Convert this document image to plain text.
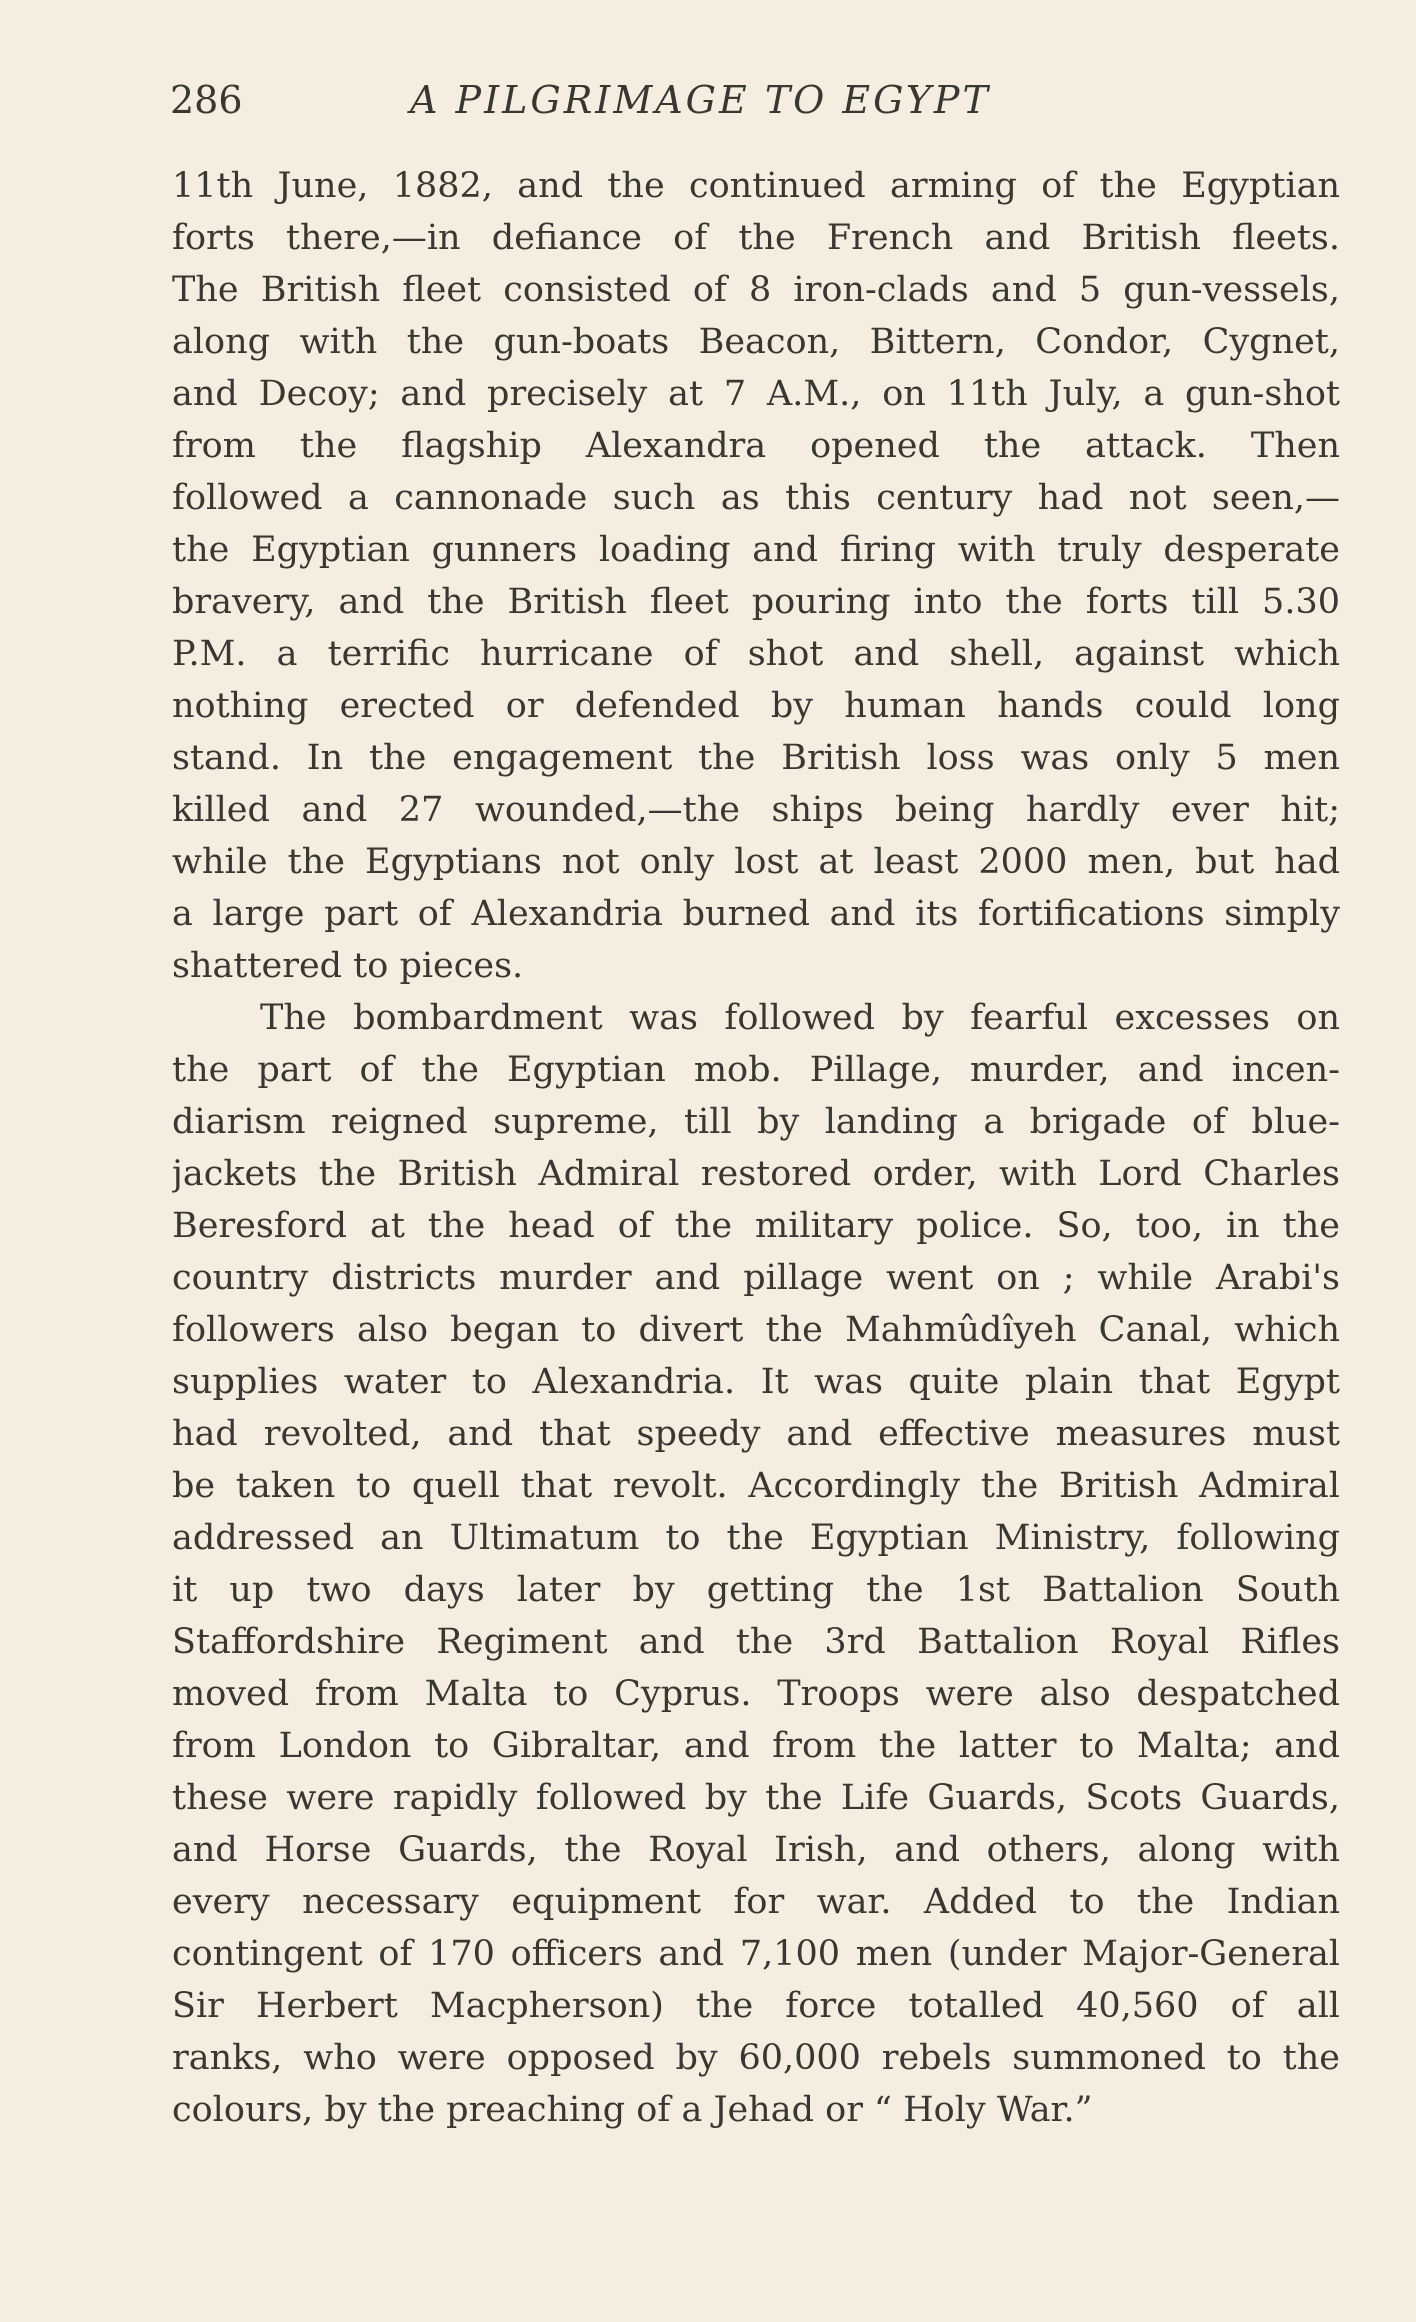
286	A PILGRIMAGE TO EGYPT
11th June, 1882, and the continued arming of the Egyptian
forts there,—in defiance of the French and British fleets.
The British fleet consisted of 8 iron-clads and 5 gun-vessels,
along with the gun-boats Beacon, Bittern, Condor, Cygnet,
and Decoy; and precisely at 7 A.M., on 11th July, a gun-shot
from the flagship Alexandra opened the attack. Then
followed a cannonade such as this century had not seen,—
the Egyptian gunners loading and firing with truly desperate
bravery, and the British fleet pouring into the forts till 5.30
P.M. a terrific hurricane of shot and shell, against which
nothing erected or defended by human hands could long
stand. In the engagement the British loss was only 5 men
killed and 27 wounded,—the ships being hardly ever hit;
while the Egyptians not only lost at least 2000 men, but had
a large part of Alexandria burned and its fortifications simply
shattered to pieces.
The bombardment was followed by fearful excesses on
the part of the Egyptian mob. Pillage, murder, and incen-
diarism reigned supreme, till by landing a brigade of blue-
jackets the British Admiral restored order, with Lord Charles
Beresford at the head of the military police. So, too, in the
country districts murder and pillage went on ; while Arabi's
followers also began to divert the Mahmûdîyeh Canal, which
supplies water to Alexandria. It was quite plain that Egypt
had revolted, and that speedy and effective measures must
be taken to quell that revolt. Accordingly the British Admiral
addressed an Ultimatum to the Egyptian Ministry, following
it up two days later by getting the 1st Battalion South
Staffordshire Regiment and the 3rd Battalion Royal Rifles
moved from Malta to Cyprus. Troops were also despatched
from London to Gibraltar, and from the latter to Malta; and
these were rapidly followed by the Life Guards, Scots Guards,
and Horse Guards, the Royal Irish, and others, along with
every necessary equipment for war. Added to the Indian
contingent of 170 officers and 7,100 men (under Major-General
Sir Herbert Macpherson) the force totalled 40,560 of all
ranks, who were opposed by 60,000 rebels summoned to the
colours, by the preaching of a Jehad or “ Holy War.”
